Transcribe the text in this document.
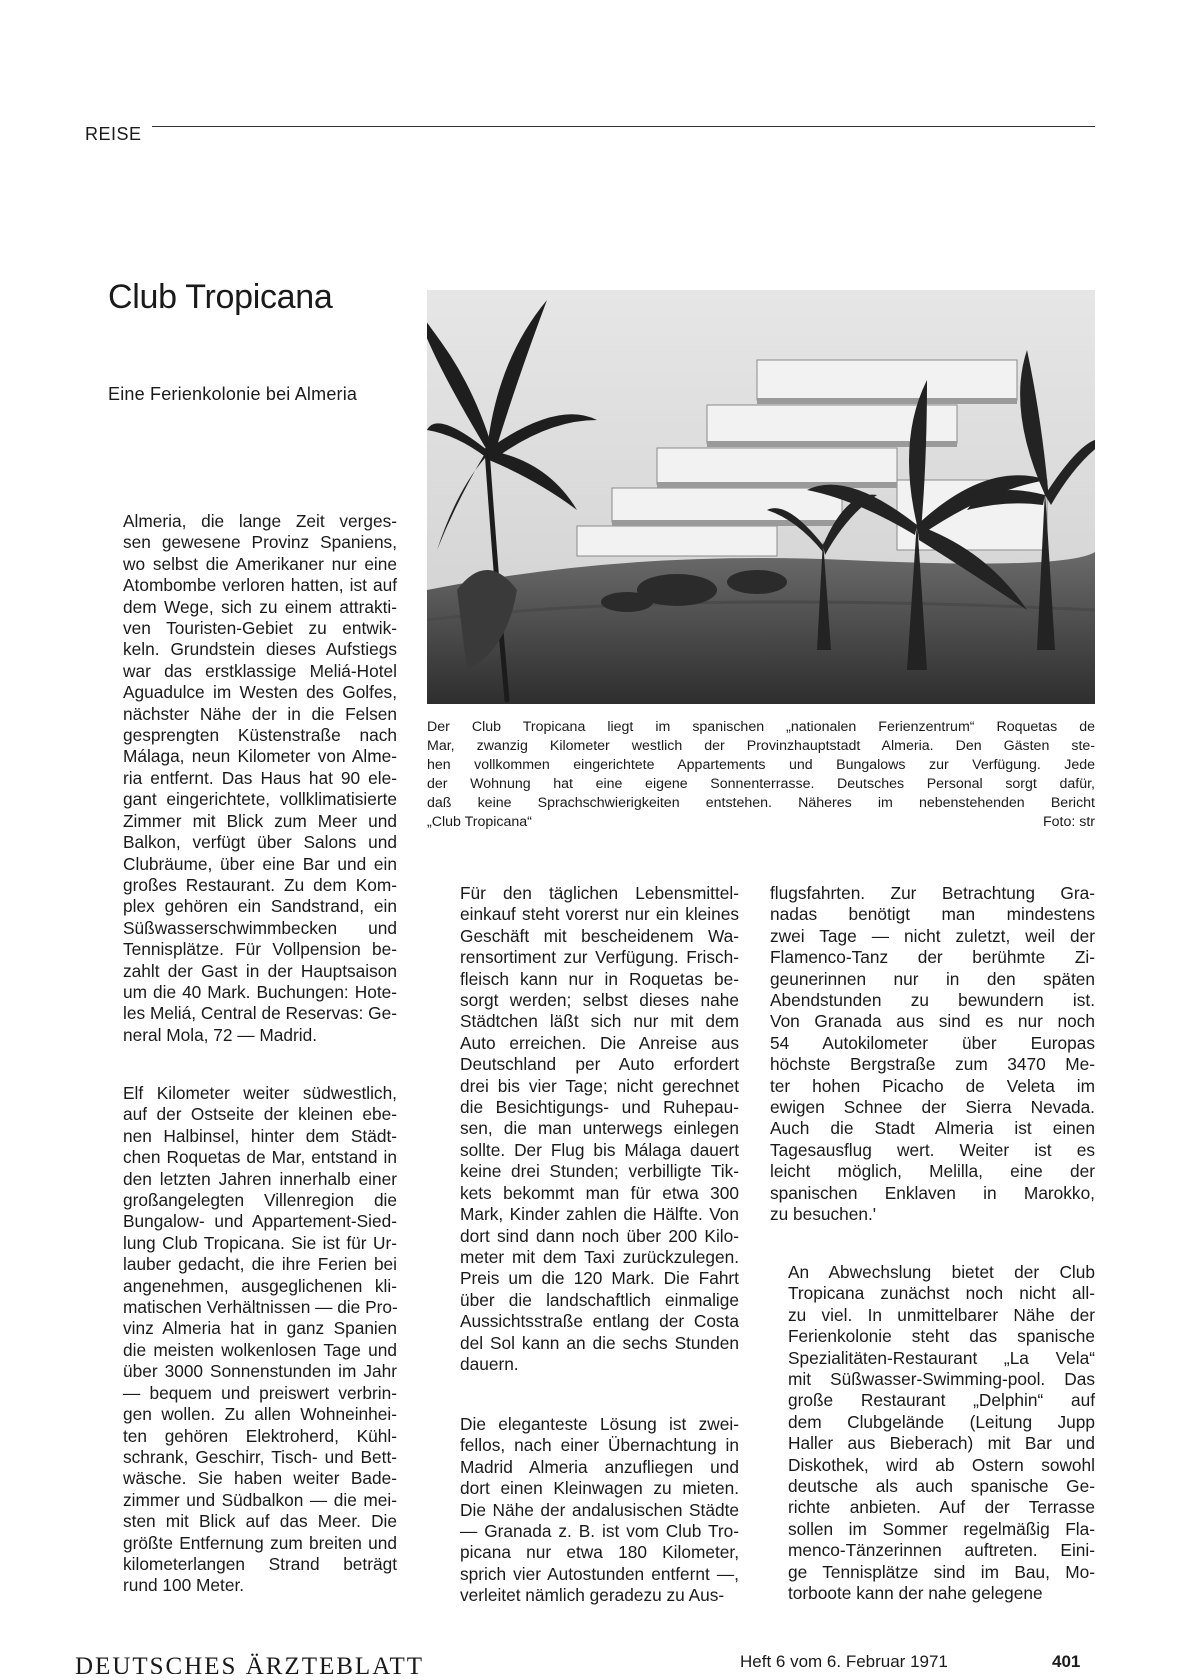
REISE
Club Tropicana
Eine Ferienkolonie bei Almeria
Der Club Tropicana liegt im spanischen „nationalen Ferienzentrum“ Roquetas de
Mar, zwanzig Kilometer westlich der Provinzhauptstadt Almeria. Den Gästen ste-
hen vollkommen eingerichtete Appartements und Bungalows zur Verfügung. Jede
der Wohnung hat eine eigene Sonnenterrasse. Deutsches Personal sorgt dafür,
daß keine Sprachschwierigkeiten entstehen. Näheres im nebenstehenden Bericht
„Club Tropicana“	Foto: str
Almeria, die lange Zeit verges-
sen gewesene Provinz Spaniens,
wo selbst die Amerikaner nur eine
Atombombe verloren hatten, ist auf
dem Wege, sich zu einem attrakti-
ven Touristen-Gebiet zu entwik-
keln. Grundstein dieses Aufstiegs
war das erstklassige Meliá-Hotel
Aguadulce im Westen des Golfes,
nächster Nähe der in die Felsen
gesprengten Küstenstraße nach
Málaga, neun Kilometer von Alme-
ria entfernt. Das Haus hat 90 ele-
gant eingerichtete, vollklimatisierte
Zimmer mit Blick zum Meer und
Balkon, verfügt über Salons und
Clubräume, über eine Bar und ein
großes Restaurant. Zu dem Kom-
plex gehören ein Sandstrand, ein
Süßwasserschwimmbecken und
Tennisplätze. Für Vollpension be-
zahlt der Gast in der Hauptsaison
um die 40 Mark. Buchungen: Hote-
les Meliá, Central de Reservas: Ge-
neral Mola, 72 — Madrid.
Elf Kilometer weiter südwestlich,
auf der Ostseite der kleinen ebe-
nen Halbinsel, hinter dem Städt-
chen Roquetas de Mar, entstand in
den letzten Jahren innerhalb einer
großangelegten Villenregion die
Bungalow- und Appartement-Sied-
lung Club Tropicana. Sie ist für Ur-
lauber gedacht, die ihre Ferien bei
angenehmen, ausgeglichenen kli-
matischen Verhältnissen — die Pro-
vinz Almeria hat in ganz Spanien
die meisten wolkenlosen Tage und
über 3000 Sonnenstunden im Jahr
— bequem und preiswert verbrin-
gen wollen. Zu allen Wohneinhei-
ten gehören Elektroherd, Kühl-
schrank, Geschirr, Tisch- und Bett-
wäsche. Sie haben weiter Bade-
zimmer und Südbalkon — die mei-
sten mit Blick auf das Meer. Die
größte Entfernung zum breiten und
kilometerlangen Strand beträgt
rund 100 Meter.
Für den täglichen Lebensmittel-
einkauf steht vorerst nur ein kleines
Geschäft mit bescheidenem Wa-
rensortiment zur Verfügung. Frisch-
fleisch kann nur in Roquetas be-
sorgt werden; selbst dieses nahe
Städtchen läßt sich nur mit dem
Auto erreichen. Die Anreise aus
Deutschland per Auto erfordert
drei bis vier Tage; nicht gerechnet
die Besichtigungs- und Ruhepau-
sen, die man unterwegs einlegen
sollte. Der Flug bis Málaga dauert
keine drei Stunden; verbilligte Tik-
kets bekommt man für etwa 300
Mark, Kinder zahlen die Hälfte. Von
dort sind dann noch über 200 Kilo-
meter mit dem Taxi zurückzulegen.
Preis um die 120 Mark. Die Fahrt
über die landschaftlich einmalige
Aussichtsstraße entlang der Costa
del Sol kann an die sechs Stunden
dauern.
Die eleganteste Lösung ist zwei-
fellos, nach einer Übernachtung in
Madrid Almeria anzufliegen und
dort einen Kleinwagen zu mieten.
Die Nähe der andalusischen Städte
— Granada z. B. ist vom Club Tro-
picana nur etwa 180 Kilometer,
sprich vier Autostunden entfernt —,
verleitet nämlich geradezu zu Aus-
flugsfahrten. Zur Betrachtung Gra-
nadas benötigt man mindestens
zwei Tage — nicht zuletzt, weil der
Flamenco-Tanz der berühmte Zi-
geunerinnen nur in den späten
Abendstunden zu bewundern ist.
Von Granada aus sind es nur noch
54 Autokilometer über Europas
höchste Bergstraße zum 3470 Me-
ter hohen Picacho de Veleta im
ewigen Schnee der Sierra Nevada.
Auch die Stadt Almeria ist einen
Tagesausflug wert. Weiter ist es
leicht möglich, Melilla, eine der
spanischen Enklaven in Marokko,
zu besuchen.'
An Abwechslung bietet der Club
Tropicana zunächst noch nicht all-
zu viel. In unmittelbarer Nähe der
Ferienkolonie steht das spanische
Spezialitäten-Restaurant „La Vela“
mit Süßwasser-Swimming-pool. Das
große Restaurant „Delphin“ auf
dem Clubgelände (Leitung Jupp
Haller aus Bieberach) mit Bar und
Diskothek, wird ab Ostern sowohl
deutsche als auch spanische Ge-
richte anbieten. Auf der Terrasse
sollen im Sommer regelmäßig Fla-
menco-Tänzerinnen auftreten. Eini-
ge Tennisplätze sind im Bau, Mo-
torboote kann der nahe gelegene
DEUTSCHES ÄRZTEBLATT	Heft 6 vom 6. Februar 1971	401
